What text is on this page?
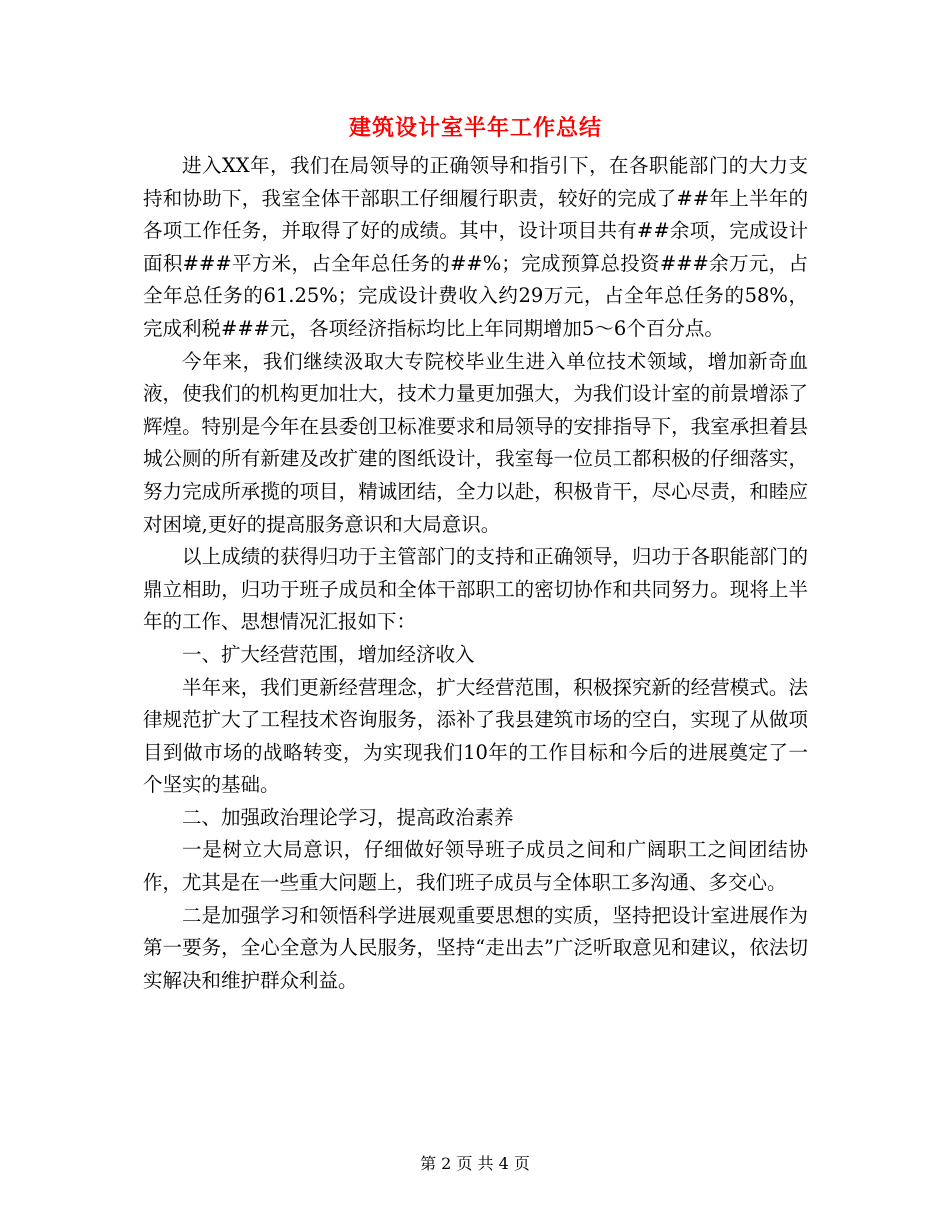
建筑设计室半年工作总结

进入XX年，我们在局领导的正确领导和指引下，在各职能部门的大力支持和协助下，我室全体干部职工仔细履行职责，较好的完成了##年上半年的各项工作任务，并取得了好的成绩。其中，设计项目共有##余项，完成设计面积###平方米，占全年总任务的##%；完成预算总投资###余万元，占全年总任务的61.25%；完成设计费收入约29万元，占全年总任务的58%，完成利税###元，各项经济指标均比上年同期增加5～6个百分点。

今年来，我们继续汲取大专院校毕业生进入单位技术领域，增加新奇血液，使我们的机构更加壮大，技术力量更加强大，为我们设计室的前景增添了辉煌。特别是今年在县委创卫标准要求和局领导的安排指导下，我室承担着县城公厕的所有新建及改扩建的图纸设计，我室每一位员工都积极的仔细落实，努力完成所承揽的项目，精诚团结，全力以赴，积极肯干，尽心尽责，和睦应对困境,更好的提高服务意识和大局意识。

以上成绩的获得归功于主管部门的支持和正确领导，归功于各职能部门的鼎立相助，归功于班子成员和全体干部职工的密切协作和共同努力。现将上半年的工作、思想情况汇报如下：

一、扩大经营范围，增加经济收入

半年来，我们更新经营理念，扩大经营范围，积极探究新的经营模式。法律规范扩大了工程技术咨询服务，添补了我县建筑市场的空白，实现了从做项目到做市场的战略转变，为实现我们10年的工作目标和今后的进展奠定了一个坚实的基础。

二、加强政治理论学习，提高政治素养

一是树立大局意识，仔细做好领导班子成员之间和广阔职工之间团结协作，尤其是在一些重大问题上，我们班子成员与全体职工多沟通、多交心。

二是加强学习和领悟科学进展观重要思想的实质，坚持把设计室进展作为第一要务，全心全意为人民服务，坚持“走出去”广泛听取意见和建议，依法切实解决和维护群众利益。

第 2 页 共 4 页
